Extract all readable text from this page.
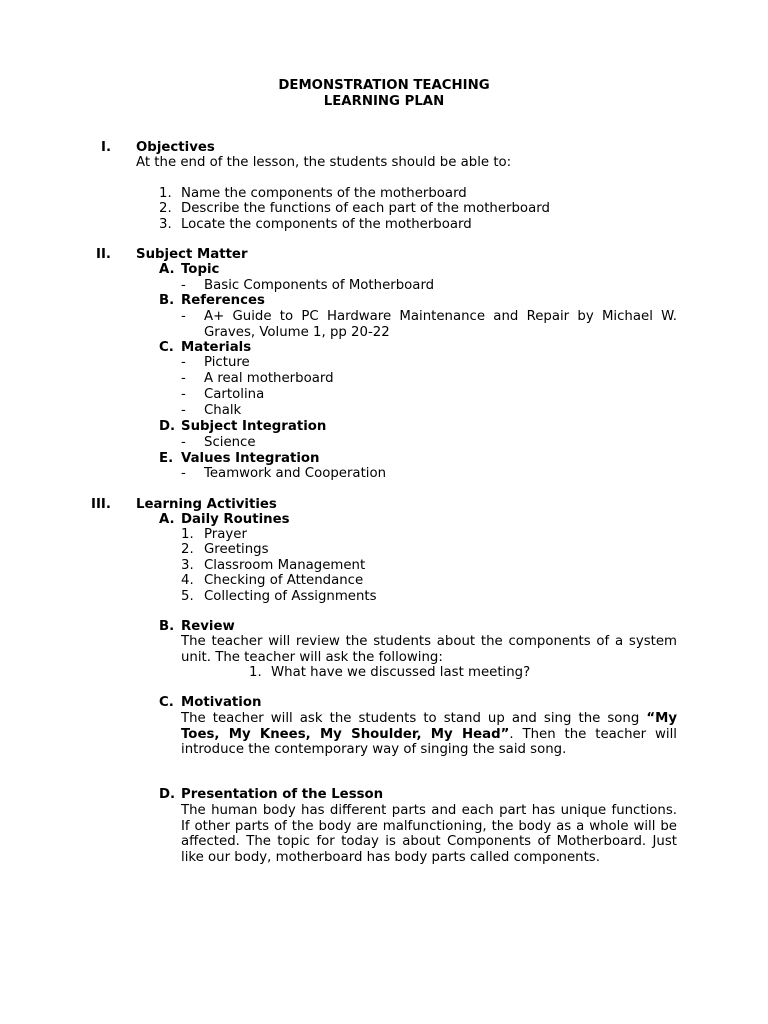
DEMONSTRATION TEACHING
LEARNING PLAN
I. Objectives
At the end of the lesson, the students should be able to:
1. Name the components of the motherboard
2. Describe the functions of each part of the motherboard
3. Locate the components of the motherboard
II. Subject Matter
A. Topic
- Basic Components of Motherboard
B. References
- A+ Guide to PC Hardware Maintenance and Repair by Michael W. Graves, Volume 1, pp 20-22
C. Materials
- Picture
- A real motherboard
- Cartolina
- Chalk
D. Subject Integration
- Science
E. Values Integration
- Teamwork and Cooperation
III. Learning Activities
A. Daily Routines
1. Prayer
2. Greetings
3. Classroom Management
4. Checking of Attendance
5. Collecting of Assignments
B. Review
The teacher will review the students about the components of a system unit. The teacher will ask the following:
1. What have we discussed last meeting?
C. Motivation
The teacher will ask the students to stand up and sing the song “My Toes, My Knees, My Shoulder, My Head”. Then the teacher will introduce the contemporary way of singing the said song.
D. Presentation of the Lesson
The human body has different parts and each part has unique functions. If other parts of the body are malfunctioning, the body as a whole will be affected. The topic for today is about Components of Motherboard. Just like our body, motherboard has body parts called components.
